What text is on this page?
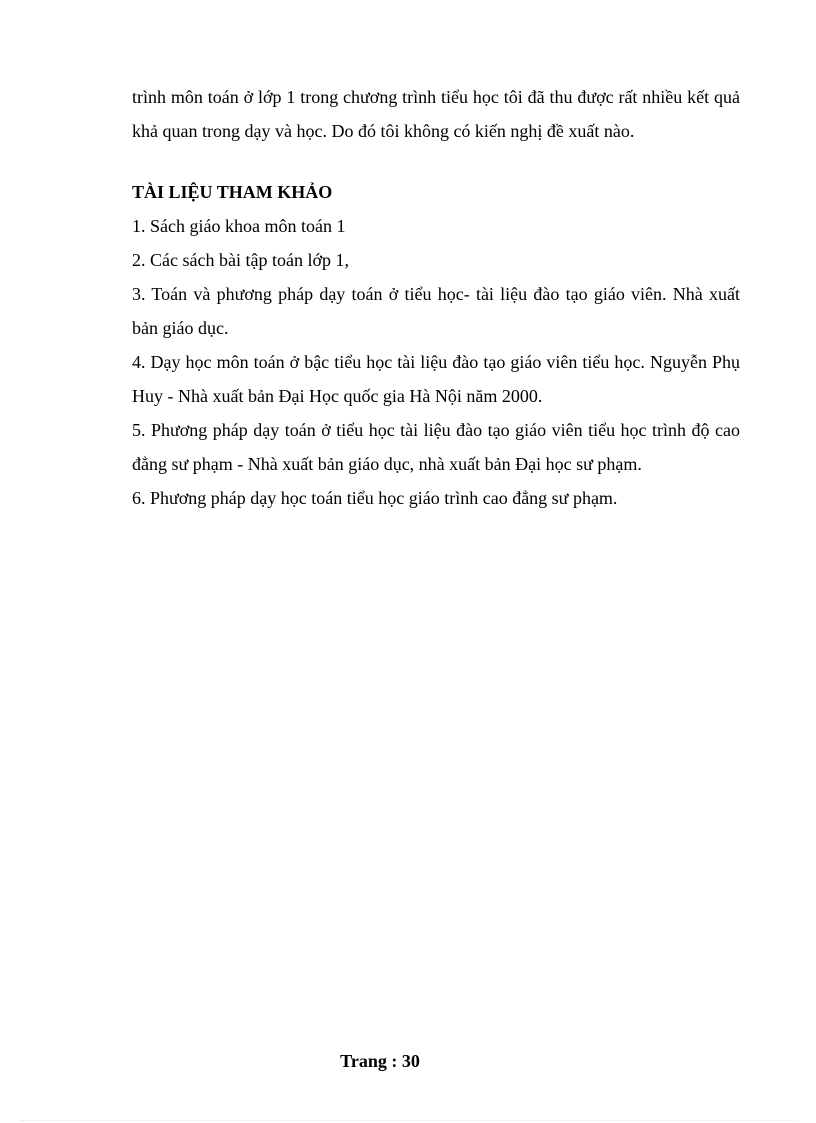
trình môn toán ở lớp 1 trong chương trình tiểu học tôi đã thu được rất nhiều kết quả khả quan trong dạy và học. Do đó tôi không có kiến nghị đề xuất nào.

TÀI LIỆU THAM KHẢO

1. Sách giáo khoa môn toán 1

2. Các sách bài tập toán lớp 1,

3. Toán và phương pháp dạy toán ở tiểu học- tài liệu đào tạo giáo viên. Nhà xuất bản giáo dục.

4. Dạy học môn toán ở bậc tiểu học tài liệu đào tạo giáo viên tiểu học. Nguyễn Phụ Huy - Nhà xuất bản Đại Học quốc gia Hà Nội năm 2000.

5. Phương pháp dạy toán ở tiểu học tài liệu đào tạo giáo viên tiểu học trình độ cao đẳng sư phạm - Nhà xuất bản giáo dục, nhà xuất bản Đại học sư phạm.

6. Phương pháp dạy học toán tiểu học giáo trình cao đẳng sư phạm.

Trang : 30
